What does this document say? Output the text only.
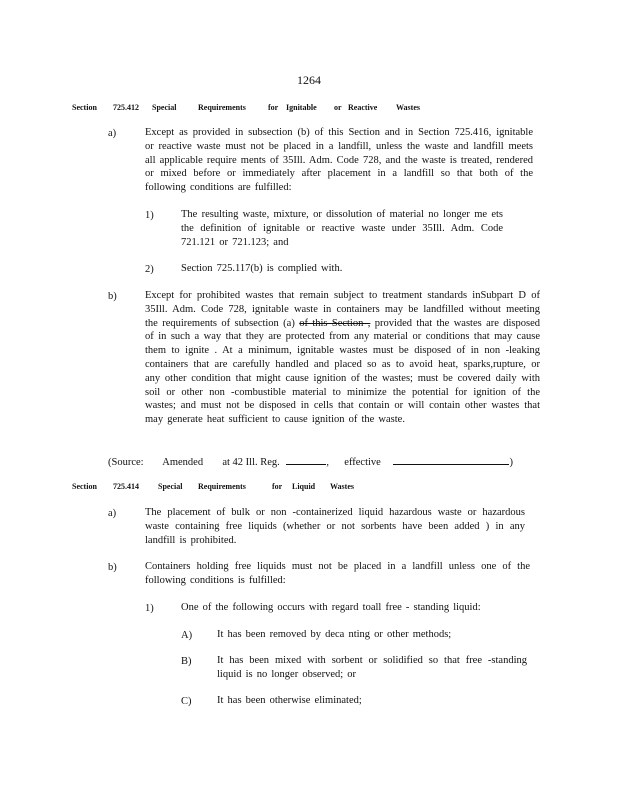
1264
Section 725.412 Special	Requirements	for Ignitable or Reactive Wastes
a)	Except as provided in subsection (b) of this Section and in Section 725.416, ignitable or reactive waste must not be placed in a landfill, unless the waste and landfill meets all applicable require ments of 35Ill. Adm. Code 728, and the waste is treated, rendered or mixed before or immediately after placement in a landfill so that both of the following conditions are fulfilled:
1)	The resulting waste, mixture, or dissolution of material no longer me ets the definition of ignitable or reactive waste under 35Ill. Adm. Code 721.121 or 721.123; and
2)	Section 725.117(b) is complied with.
b)	Except for prohibited wastes that remain subject to treatment standards inSubpart D of 35Ill. Adm. Code 728, ignitable waste in containers may be landfilled without meeting the requirements of subsection (a) of this Section , provided that the wastes are disposed of in such a way that they are protected from any material or conditions that may cause them to ignite . At a minimum, ignitable wastes must be disposed of in non -leaking containers that are carefully handled and placed so as to avoid heat, sparks,rupture, or any other condition that might cause ignition of the wastes; must be covered daily with soil or other non -combustible material to minimize the potential for ignition of the wastes; and must not be disposed in cells that contain or will contain other wastes that may generate heat sufficient to cause ignition of the waste.
(Source: Amended at 42 Ill. Reg.	, effective	)
Section 725.414 Special Requirements	for Liquid Wastes
a)	The placement of bulk or non -containerized liquid hazardous waste or hazardous waste containing free liquids (whether or not sorbents have been added ) in any landfill is prohibited.
b)	Containers holding free liquids must not be placed in a landfill unless one of the following conditions is fulfilled:
1)	One of the following occurs with regard toall free - standing liquid:
A) It has been removed by deca nting or other methods;
B) It has been mixed with sorbent or solidified so that free -standing liquid is no longer observed; or
C) It has been otherwise eliminated;
